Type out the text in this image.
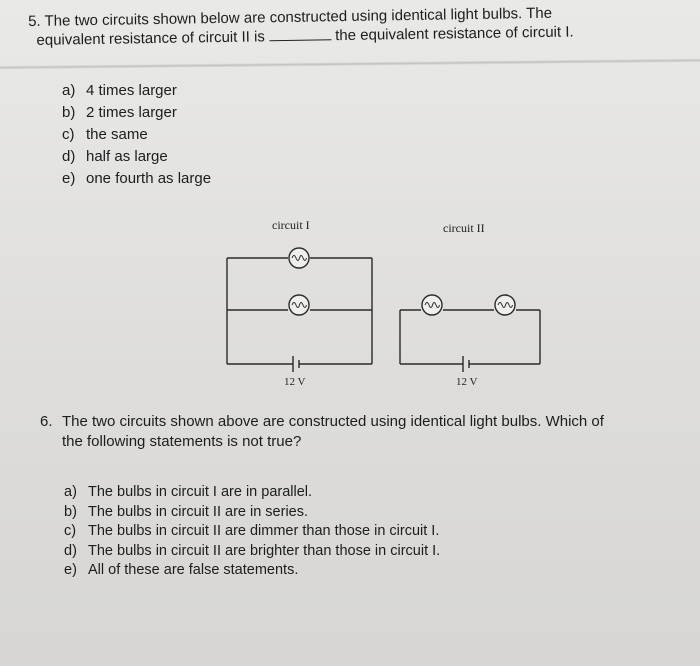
5. The two circuits shown below are constructed using identical light bulbs. The
equivalent resistance of circuit II is	the equivalent resistance of circuit I.
a) 4 times larger
b) 2 times larger
c) the same
d) half as large
e) one fourth as large
circuit I	circuit II
12 V	12 V
6. The two circuits shown above are constructed using identical light bulbs. Which of
the following statements is not true?
a) The bulbs in circuit I are in parallel.
b) The bulbs in circuit II are in series.
c) The bulbs in circuit II are dimmer than those in circuit I.
d) The bulbs in circuit II are brighter than those in circuit I.
e) All of these are false statements.
